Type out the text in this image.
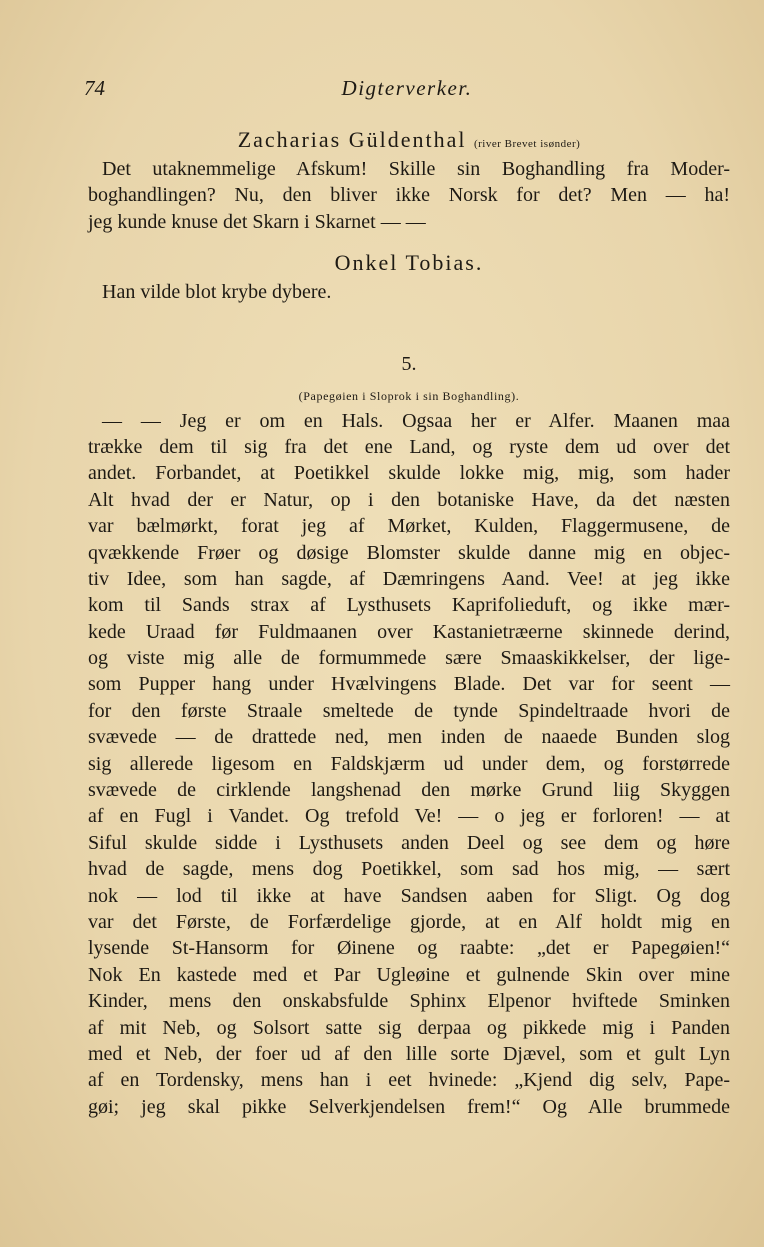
74	Digterverker.
Zacharias Güldenthal (river Brevet isønder)

Det utaknemmelige Afskum! Skille sin Boghandling fra Moder-
boghandlingen? Nu, den bliver ikke Norsk for det? Men — ha!
jeg kunde knuse det Skarn i Skarnet — —

Onkel Tobias.

Han vilde blot krybe dybere.

5.
(Papegøien i Sloprok i sin Boghandling).

— — Jeg er om en Hals. Ogsaa her er Alfer. Maanen maa
trække dem til sig fra det ene Land, og ryste dem ud over det
andet. Forbandet, at Poetikkel skulde lokke mig, mig, som hader
Alt hvad der er Natur, op i den botaniske Have, da det næsten
var bælmørkt, forat jeg af Mørket, Kulden, Flaggermusene, de
qvækkende Frøer og døsige Blomster skulde danne mig en objec-
tiv Idee, som han sagde, af Dæmringens Aand. Vee! at jeg ikke
kom til Sands strax af Lysthusets Kaprifolieduft, og ikke mær-
kede Uraad før Fuldmaanen over Kastanietræerne skinnede derind,
og viste mig alle de formummede sære Smaaskikkelser, der lige-
som Pupper hang under Hvælvingens Blade. Det var for seent —
for den første Straale smeltede de tynde Spindeltraade hvori de
svævede — de drattede ned, men inden de naaede Bunden slog
sig allerede ligesom en Faldskjærm ud under dem, og forstørrede
svævede de cirklende langshenad den mørke Grund liig Skyggen
af en Fugl i Vandet. Og trefold Ve! — o jeg er forloren! — at
Siful skulde sidde i Lysthusets anden Deel og see dem og høre
hvad de sagde, mens dog Poetikkel, som sad hos mig, — sært
nok — lod til ikke at have Sandsen aaben for Sligt. Og dog
var det Første, de Forfærdelige gjorde, at en Alf holdt mig en
lysende St-Hansorm for Øinene og raabte: „det er Papegøien!“
Nok En kastede med et Par Ugleøine et gulnende Skin over mine
Kinder, mens den onskabsfulde Sphinx Elpenor hviftede Sminken
af mit Neb, og Solsort satte sig derpaa og pikkede mig i Panden
med et Neb, der foer ud af den lille sorte Djævel, som et gult Lyn
af en Tordensky, mens han i eet hvinede: „Kjend dig selv, Pape-
gøi; jeg skal pikke Selverkjendelsen frem!“ Og Alle brummede
